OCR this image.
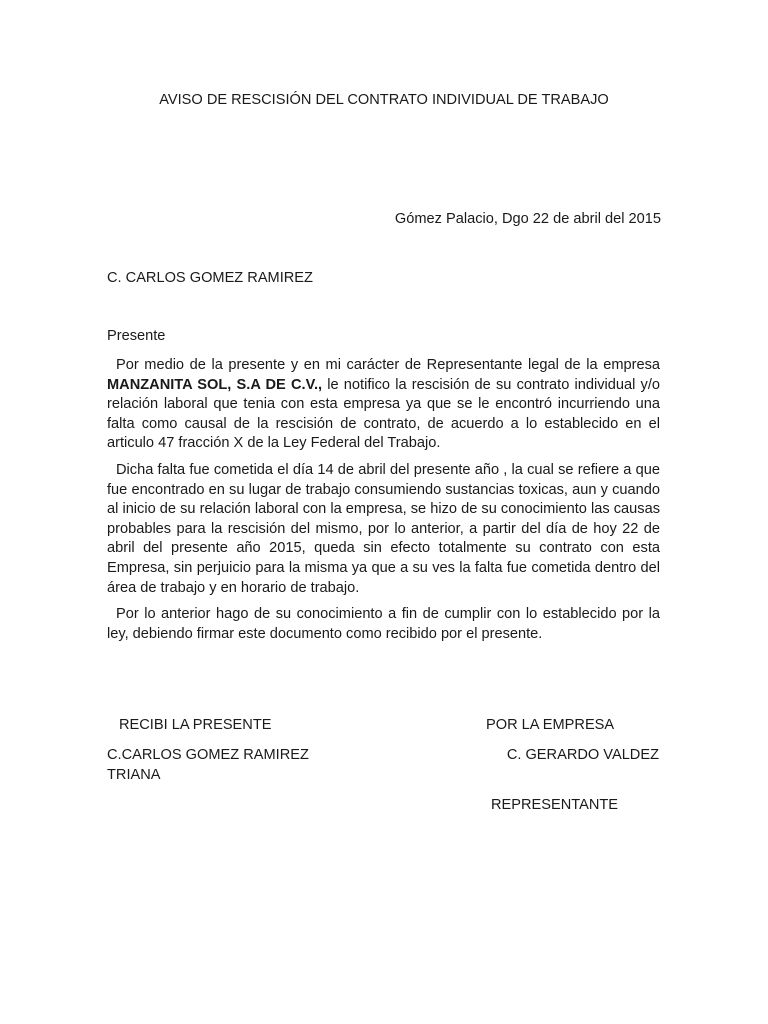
AVISO DE RESCISIÓN DEL CONTRATO INDIVIDUAL DE TRABAJO
Gómez Palacio, Dgo 22 de abril del 2015
C. CARLOS GOMEZ RAMIREZ
Presente

Por medio de la presente y en mi carácter de Representante legal de la empresa MANZANITA SOL, S.A DE C.V., le notifico la rescisión de su contrato individual y/o relación laboral que tenia con esta empresa ya que se le encontró incurriendo una falta como causal de la rescisión de contrato, de acuerdo a lo establecido en el articulo 47 fracción X de la Ley Federal del Trabajo.

Dicha falta fue cometida el día 14 de abril del presente año , la cual se refiere a que fue encontrado en su lugar de trabajo consumiendo sustancias toxicas, aun y cuando al inicio de su relación laboral con la empresa, se hizo de su conocimiento las causas probables para la rescisión del mismo, por lo anterior, a partir del día de hoy 22 de abril del presente año 2015, queda sin efecto totalmente su contrato con esta Empresa, sin perjuicio para la misma ya que a su ves la falta fue cometida dentro del área de trabajo y en horario de trabajo.

Por lo anterior hago de su conocimiento a fin de cumplir con lo establecido por la ley, debiendo firmar este documento como recibido por el presente.

RECIBI LA PRESENTE	POR LA EMPRESA
C.CARLOS GOMEZ RAMIREZ TRIANA
C. GERARDO VALDEZ
REPRESENTANTE
